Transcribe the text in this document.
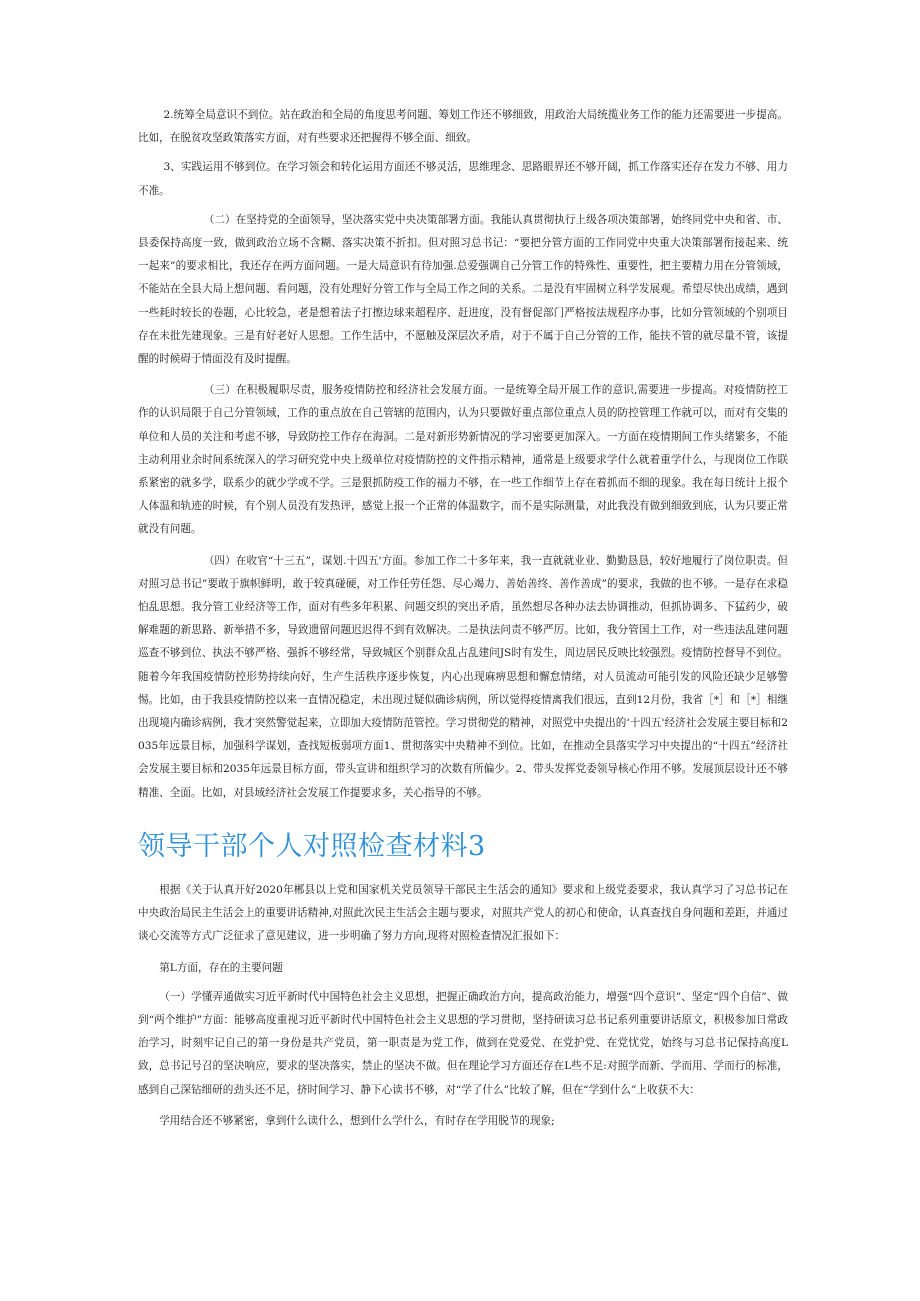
2.统筹全局意识不到位。站在政治和全局的角度思考问题、筹划工作还不够细致，用政治大局统揽业务工作的能力还需要进一步提高。比如，在脱贫攻坚政策落实方面，对有些要求还把握得不够全面、细致。

3、实践运用不够到位。在学习领会和转化运用方面还不够灵活，思维理念、思路眼界还不够开阔，抓工作落实还存在发力不够、用力不准。

（二）在坚持党的全面领导，坚决落实党中央决策部署方面。我能认真贯彻执行上级各项决策部署，始终同党中央和省、市、县委保持高度一致，做到政治立场不含糊、落实决策不折扣。但对照习总书记：“要把分管方面的工作同党中央重大决策部署衔接起来、统一起来”的要求相比，我还存在两方面问题。一是大局意识有待加强.总爱强调自己分管工作的特殊性、重要性，把主要精力用在分管领域，不能站在全县大局上想问题、看问题，没有处理好分管工作与全局工作之间的关系。二是没有牢固树立科学发展观。希望尽快出成绩，遇到一些耗时较长的卷题，心比较急，老是想着法子打擦边球来超程序、赶进度，没有督促部门严格按法规程序办事，比如分管领域的个别项目存在未批先建现象。三是有好老好人思想。工作生活中，不愿触及深层次矛盾，对于不属于自己分管的工作，能扶不管的就尽量不管，该提醒的时候碍于情面没有及时提醒。

（三）在积极履职尽责，服务疫情防控和经济社会发展方面。一是统筹全局开展工作的意识,需要进一步提高。对疫情防控工作的认识局限于自己分管领域，工作的重点放在自己管辖的范围内，认为只要做好重点部位重点人员的防控管理工作就可以，而对有交集的单位和人员的关注和考虑不够，导致防控工作存在海洞。二是对新形势新情况的学习密要更加深入。一方面在疫情期间工作头绪繁多，不能主动利用业余时间系统深入的学习研究党中央上级单位对疫情防控的文件指示精神，通常是上级要求学什么就着重学什么，与现岗位工作联系紧密的就多学，联系少的就少学或不学。三是狠抓防疫工作的福力不够，在一些工作细节上存在着抓而不细的现象。我在每日统计上报个人体温和轨迹的时候，有个别人员没有发热评，感觉上报一个正常的体温数字，而不是实际测量，对此我没有做到细致到底，认为只要正常就没有问题。

（四）在收官“十三五”，谋划.十四五'方面。参加工作二十多年来，我一直就就业业、勤勤恳恳，较好地履行了岗位职责。但对照习总书记”要敢于旗帜鲜明，敢于较真碰硬，对工作任劳任怨、尽心竭力、善始善终、善作善成”的要求，我做的也不够。一是存在求稳怕乱思想。我分管工业经济等工作，面对有些多年积累、问题交织的突出矛盾，虽然想尽各种办法去协调推动，但抓协调多、下猛药少，破解难题的新思路、新举措不多，导致遗留问题迟迟得不到有效解决。二是执法问责不够严厉。比如，我分管国土工作，对一些违法乱建问题巡查不够到位、执法不够严格、强拆不够经常，导致城区个别群众乱占乱建问JS时有发生，周边居民反映比较强烈。疫情防控督导不到位。随着今年我国疫情防控形势持续向好，生产生活秩序逐步恢复，内心出现麻痹思想和懈怠情绪，对人员流动可能引发的风险还缺少足够警惕。比如，由于我县疫情防控以来一直情况稳定，未出现过疑似确诊病例，所以觉得疫情离我们很远，直到12月份，我省［*］和［*］相继出现境内确诊病例，我才突然警觉起来，立即加大疫情防范管控。学习贯彻党的精神，对照党中央提出的‘十四五'经济社会发展主要目标和2035年远景目标，加强科学谋划，查找短板弱项方面1、贯彻落实中央精神不到位。比如，在推动全县落实学习中央提出的“十四五”经济社会发展主要目标和2035年远景目标方面，带头宣讲和组织学习的次数有所偏少。2、带头发挥党委领导核心作用不够。发展顶层设计还不够精准、全面。比如，对县域经济社会发展工作提要求多，关心指导的不够。

领导干部个人对照检查材料3

根据《关于认真开好2020年郴县以上党和国家机关党员领导干部民主生活会的通知》要求和上级党委要求，我认真学习了习总书记在中央政治局民主生活会上的重要讲话精神,对照此次民主生活会主题与要求，对照共产党人的初心和使命，认真查找自身问题和差距，并通过谈心交流等方式广泛征求了意见建议，进一步明确了努力方向,现将对照检查情况汇报如下：

第L方面，存在的主要问题

（一）学懂弄通做实习近平新时代中国特色社会主义思想，把握正确政治方向，提高政治能力，增强“四个意识”、坚定“四个自信”、做到“两个维护”方面：能够高度重视习近平新时代中国特色社会主义思想的学习贯彻，坚持研读习总书记系列重要讲话原文，积极参加日常政治学习，时刻牢记自己的第一身份是共产党员，第一职责是为党工作，做到在党爱党、在党护党、在党忧党，始终与习总书记保持高度L致，总书记号召的坚决响应，要求的坚决落实，禁止的坚决不做。但在理论学习方面还存在L些不足:对照学而新、学而用、学而行的标准，感到自己深钻细研的劲头还不足，挤时间学习、静下心读书不够，对“学了什么”比较了解，但在“学到什么”上收获不大：

学用结合还不够紧密，拿到什么读什么，想到什么学什么，有时存在学用脱节的现象;
